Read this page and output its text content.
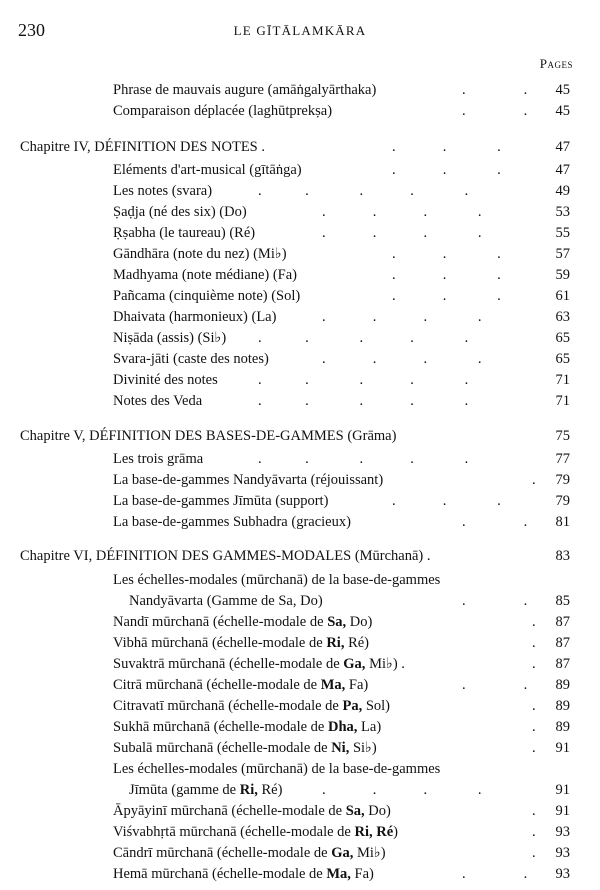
230	LE GĪTĀLAMKĀRA
Pages
Phrase de mauvais augure (amāṅgalyārthaka)	.                .	45
Comparaison déplacée (laghūtprekṣa)	.                .	45
Chapitre IV, DÉFINITION DES NOTES .	.             .              .	47
Eléments d'art-musical (gītāṅga)	.             .              .	47
Les notes (svara)	.            .              .             .              .	49
Ṣaḍja (né des six) (Do)	.             .             .              .	53
Ṛṣabha (le taureau) (Ré)	.             .             .              .	55
Gāndhāra (note du nez) (Mi♭)	.             .              .	57
Madhyama (note médiane) (Fa)	.             .              .	59
Pañcama (cinquième note) (Sol)	.             .              .	61
Dhaivata (harmonieux) (La)	.             .             .              .	63
Niṣāda (assis) (Si♭) .            .              .             .              .	65
Svara-jāti (caste des notes)	.             .             .              .	65
Divinité des notes	.            .              .             .              .	71
Notes des Veda	.            .              .             .              .	71
Chapitre V, DÉFINITION DES BASES-DE-GAMMES (Grāma)	75
Les trois grāma	.            .              .             .              .	77
La base-de-gammes Nandyāvarta (réjouissant)	.	79
La base-de-gammes Jīmūta (support)	.             .              .	79
La base-de-gammes Subhadra (gracieux)	.                .	81
Chapitre VI, DÉFINITION DES GAMMES-MODALES (Mūrchanā) .	83
Les échelles-modales (mūrchanā) de la base-de-gammes
Nandyāvarta (Gamme de Sa, Do)	.                .	85
Nandī mūrchanā (échelle-modale de Sa, Do)	.	87
Vibhā mūrchanā (échelle-modale de Ri, Ré)	.	87
Suvaktrā mūrchanā (échelle-modale de Ga, Mi♭) .	.	87
Citrā mūrchanā (échelle-modale de Ma, Fa)	.                .	89
Citravatī mūrchanā (échelle-modale de Pa, Sol)	.	89
Sukhā mūrchanā (échelle-modale de Dha, La)	.	89
Subalā mūrchanā (échelle-modale de Ni, Si♭)	.	91
Les échelles-modales (mūrchanā) de la base-de-gammes
Jīmūta (gamme de Ri, Ré)	.             .             .              .	91
Āpyāyinī mūrchanā (échelle-modale de Sa, Do)	.	91
Viśvabhṛtā mūrchanā (échelle-modale de Ri, Ré)	.	93
Cāndrī mūrchanā (échelle-modale de Ga, Mi♭)	.	93
Hemā mūrchanā (échelle-modale de Ma, Fa)	.                .	93
